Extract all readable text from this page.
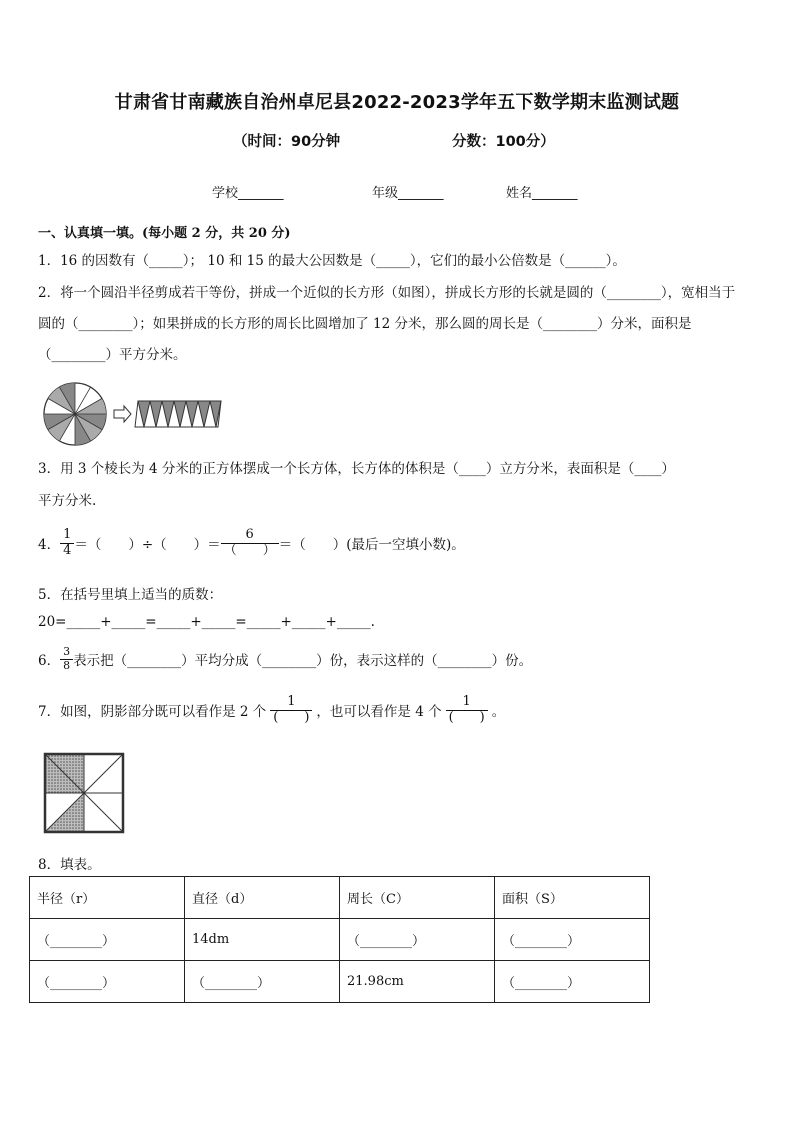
甘肃省甘南藏族自治州卓尼县2022-2023学年五下数学期末监测试题
（时间：90分钟	分数：100分）
学校_______	年级_______	姓名_______
一、认真填一填。(每小题 2 分，共 20 分)
1．16 的因数有（_____）； 10 和 15 的最大公因数是（_____），它们的最小公倍数是（______）。
2．将一个圆沿半径剪成若干等份，拼成一个近似的长方形（如图），拼成长方形的长就是圆的（________），宽相当于
圆的（________）；如果拼成的长方形的周长比圆增加了 12 分米，那么圆的周长是（________）分米，面积是
（________）平方分米。
3．用 3 个棱长为 4 分米的正方体摆成一个长方体，长方体的体积是（____）立方分米，表面积是（____）
平方分米.
4． $\frac{1}{4}$ ＝（　　）÷（　　）＝ $\frac{6}{( )}$ ＝（　　）(最后一空填小数)。
5．在括号里填上适当的质数：
20=_____+_____=_____+_____=_____+_____+_____.
6． $\frac{3}{8}$ 表示把（________）平均分成（________）份，表示这样的（________）份。
7．如图，阴影部分既可以看作是 2 个 $\frac{1}{( )}$ ，也可以看作是 4 个 $\frac{1}{( )}$ 。
8．填表。
半径（r）	直径（d）	周长（C）	面积（S）
（________）	14dm	（________）	（________）
（________）	（________）	21.98cm	（________）
